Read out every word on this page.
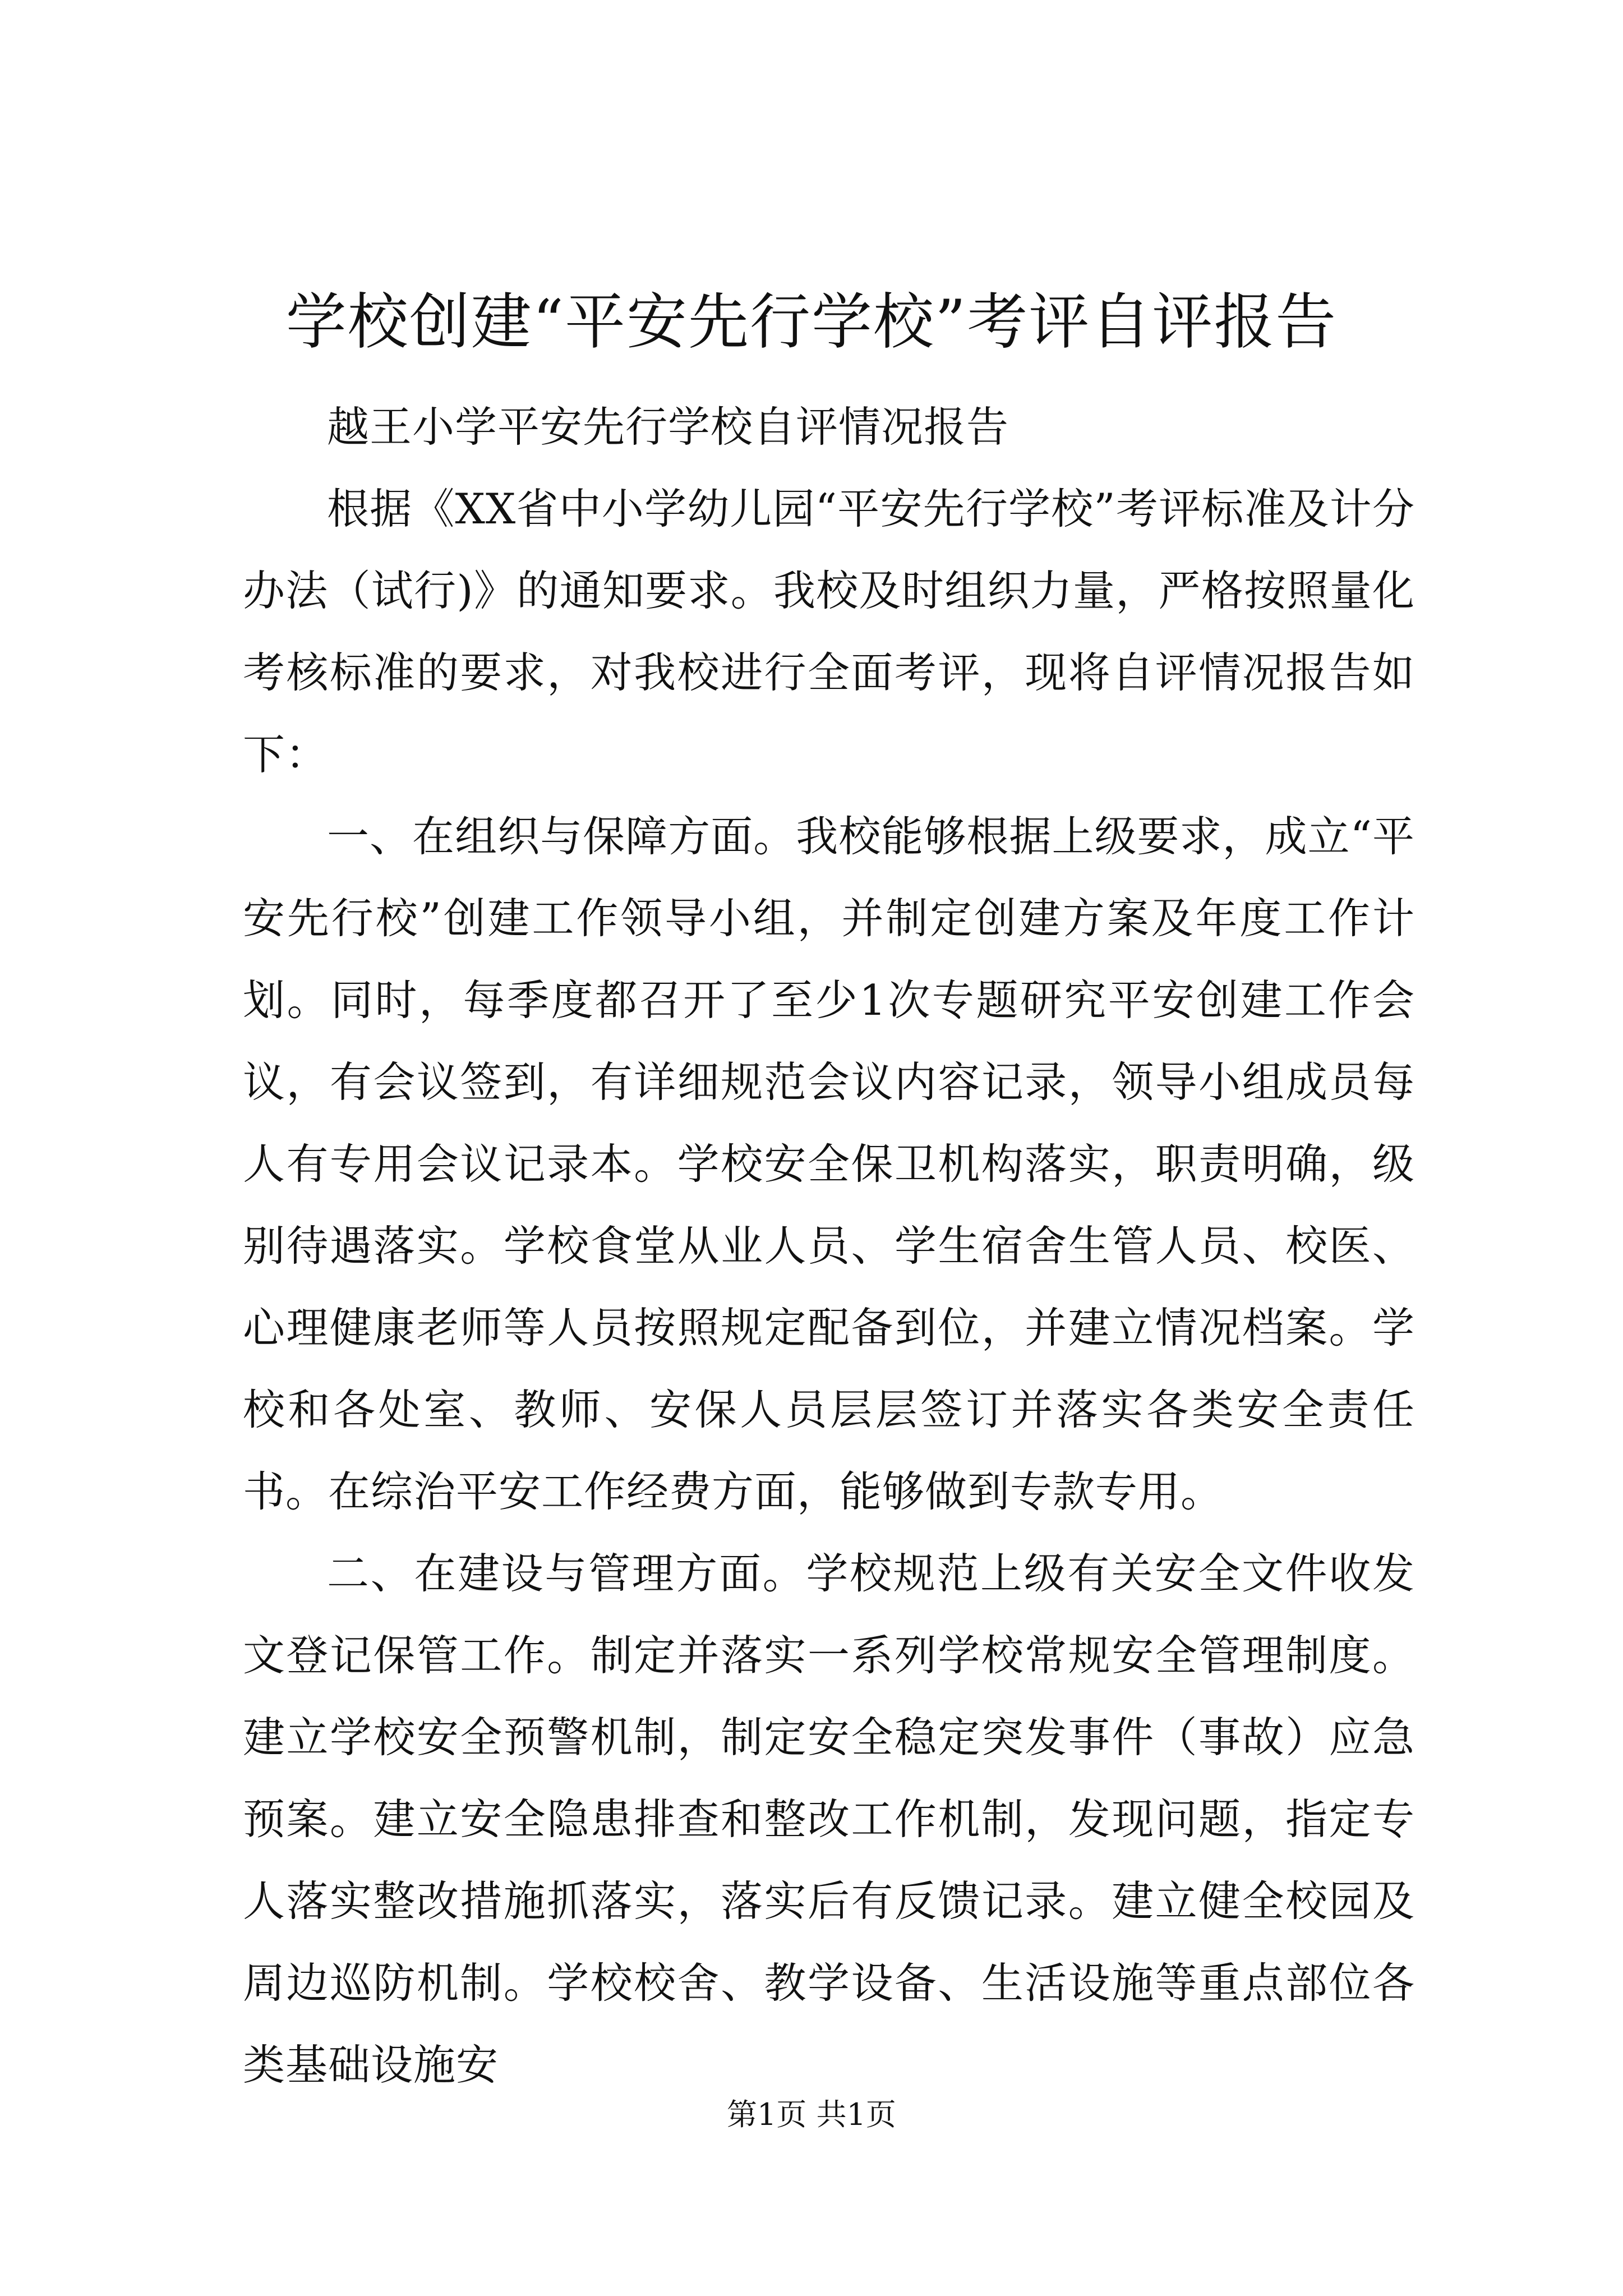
学校创建“平安先行学校”考评自评报告

越王小学平安先行学校自评情况报告

根据《XX省中小学幼儿园“平安先行学校”考评标准及计分办法（试行)》的通知要求。我校及时组织力量，严格按照量化考核标准的要求，对我校进行全面考评，现将自评情况报告如下：

一、在组织与保障方面。我校能够根据上级要求，成立“平安先行校”创建工作领导小组，并制定创建方案及年度工作计划。同时，每季度都召开了至少1次专题研究平安创建工作会议，有会议签到，有详细规范会议内容记录，领导小组成员每人有专用会议记录本。学校安全保卫机构落实，职责明确，级别待遇落实。学校食堂从业人员、学生宿舍生管人员、校医、心理健康老师等人员按照规定配备到位，并建立情况档案。学校和各处室、教师、安保人员层层签订并落实各类安全责任书。在综治平安工作经费方面，能够做到专款专用。

二、在建设与管理方面。学校规范上级有关安全文件收发文登记保管工作。制定并落实一系列学校常规安全管理制度。建立学校安全预警机制，制定安全稳定突发事件（事故）应急预案。建立安全隐患排查和整改工作机制，发现问题，指定专人落实整改措施抓落实，落实后有反馈记录。建立健全校园及周边巡防机制。学校校舍、教学设备、生活设施等重点部位各类基础设施安

第1页 共1页
